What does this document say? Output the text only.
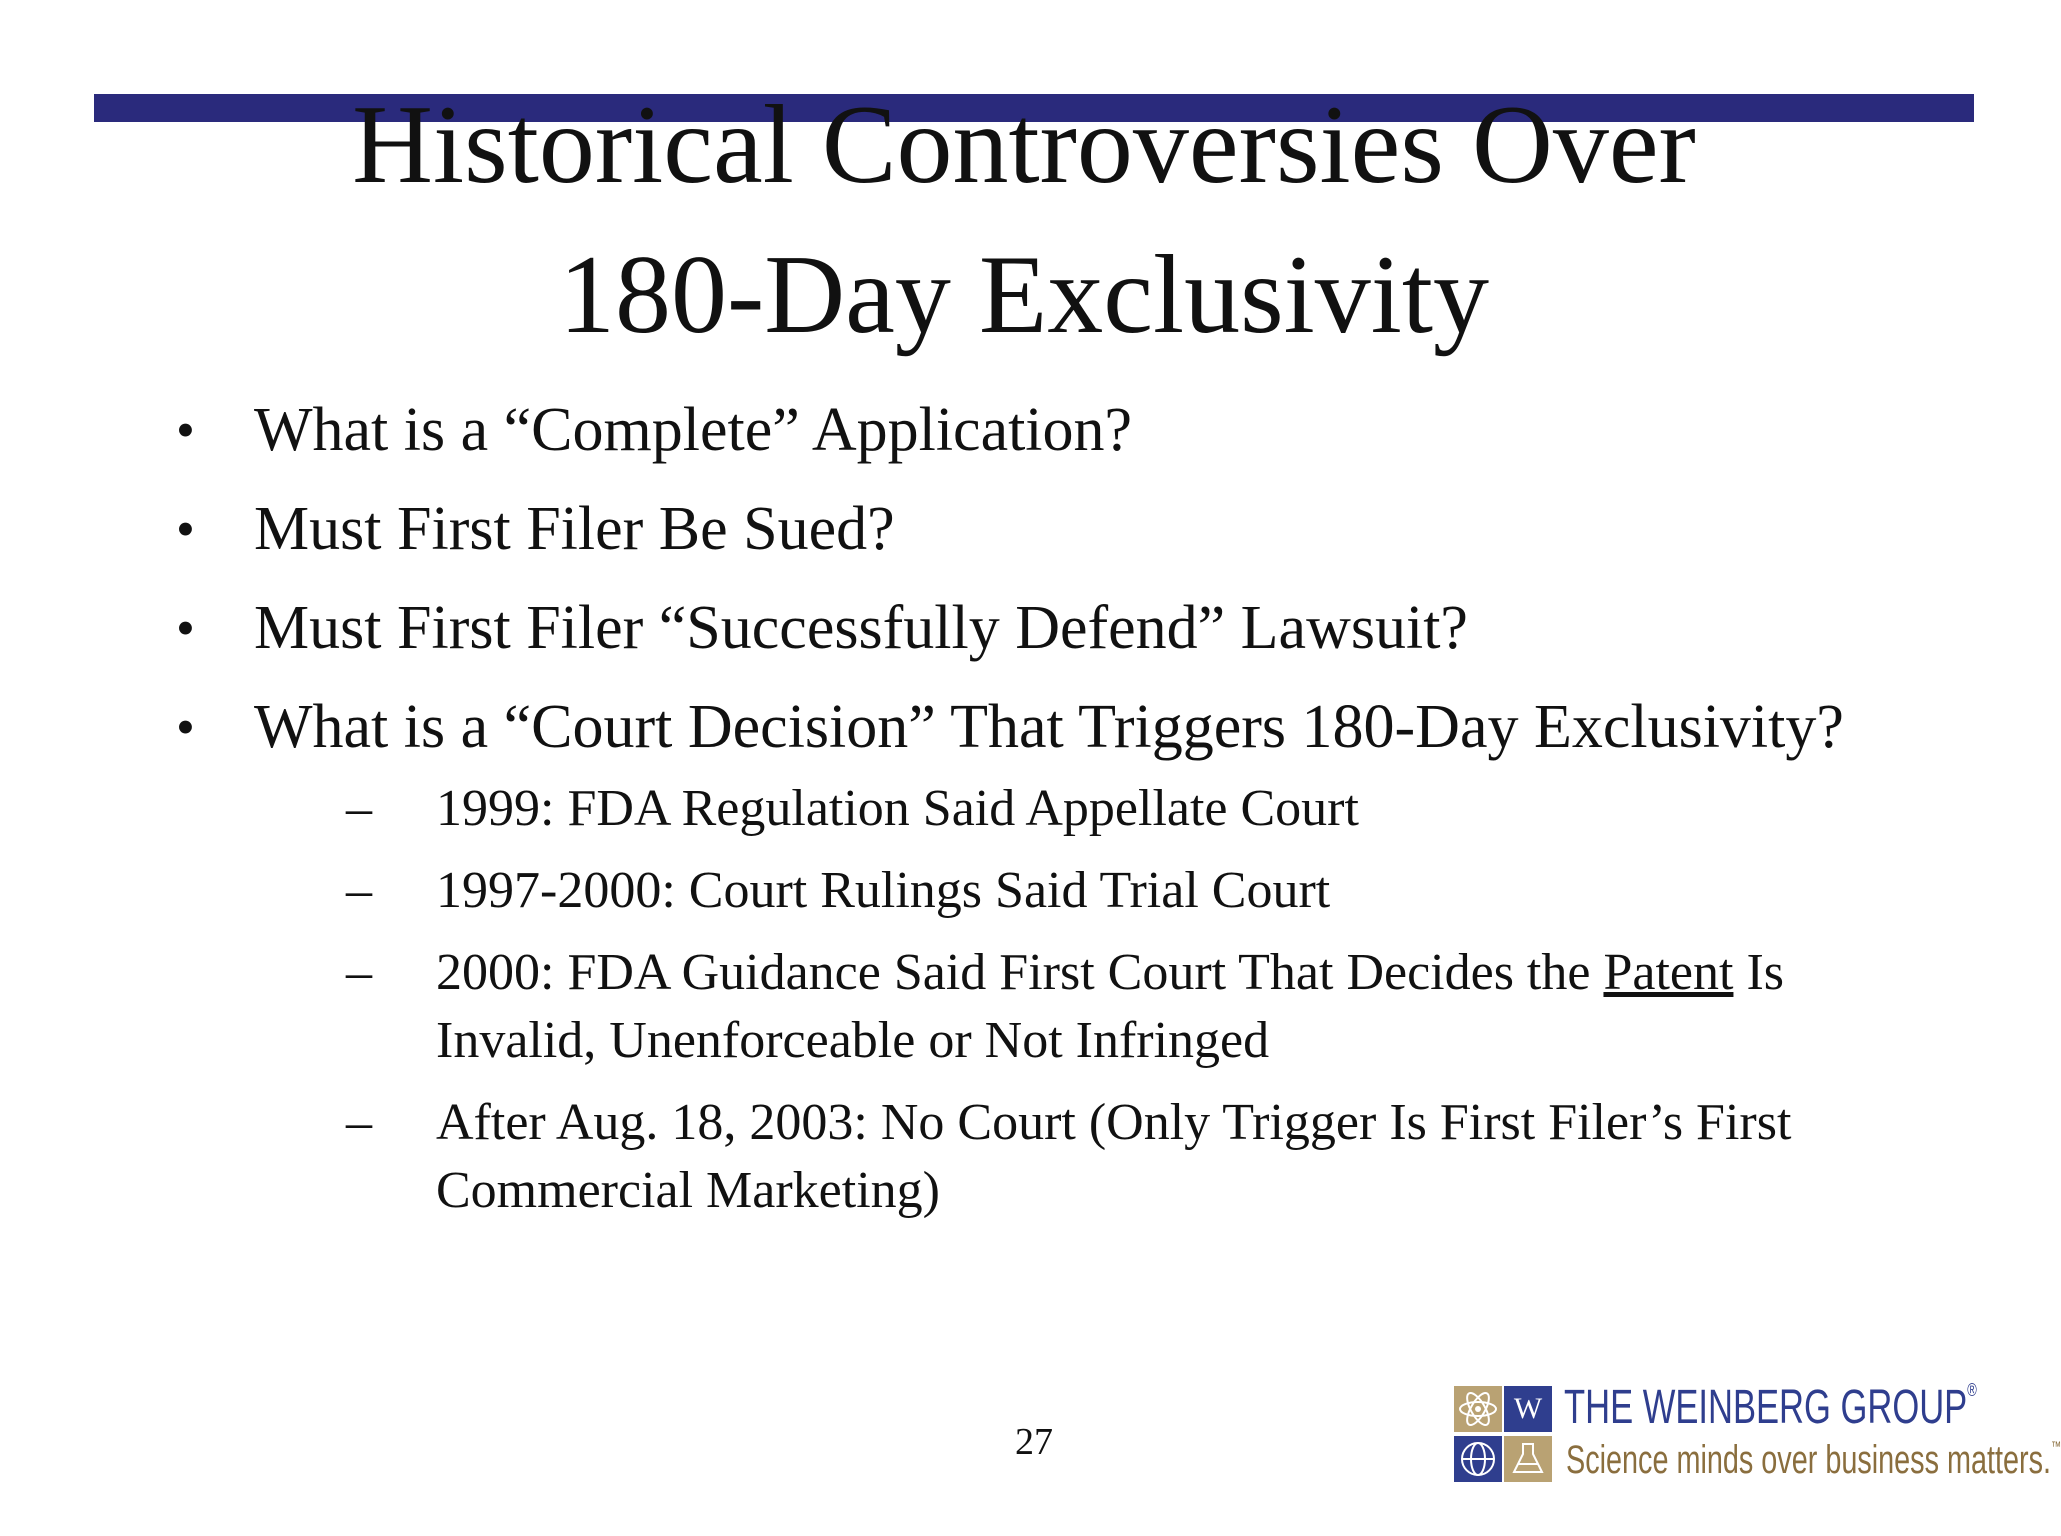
Historical Controversies Over
180-Day Exclusivity
• What is a “Complete” Application?
• Must First Filer Be Sued?
• Must First Filer “Successfully Defend” Lawsuit?
• What is a “Court Decision” That Triggers 180-Day Exclusivity?
– 1999: FDA Regulation Said Appellate Court
– 1997-2000: Court Rulings Said Trial Court
– 2000: FDA Guidance Said First Court That Decides the Patent Is Invalid, Unenforceable or Not Infringed
– After Aug. 18, 2003: No Court (Only Trigger Is First Filer’s First Commercial Marketing)
27
W THE WEINBERG GROUP®
Science minds over business matters.™
